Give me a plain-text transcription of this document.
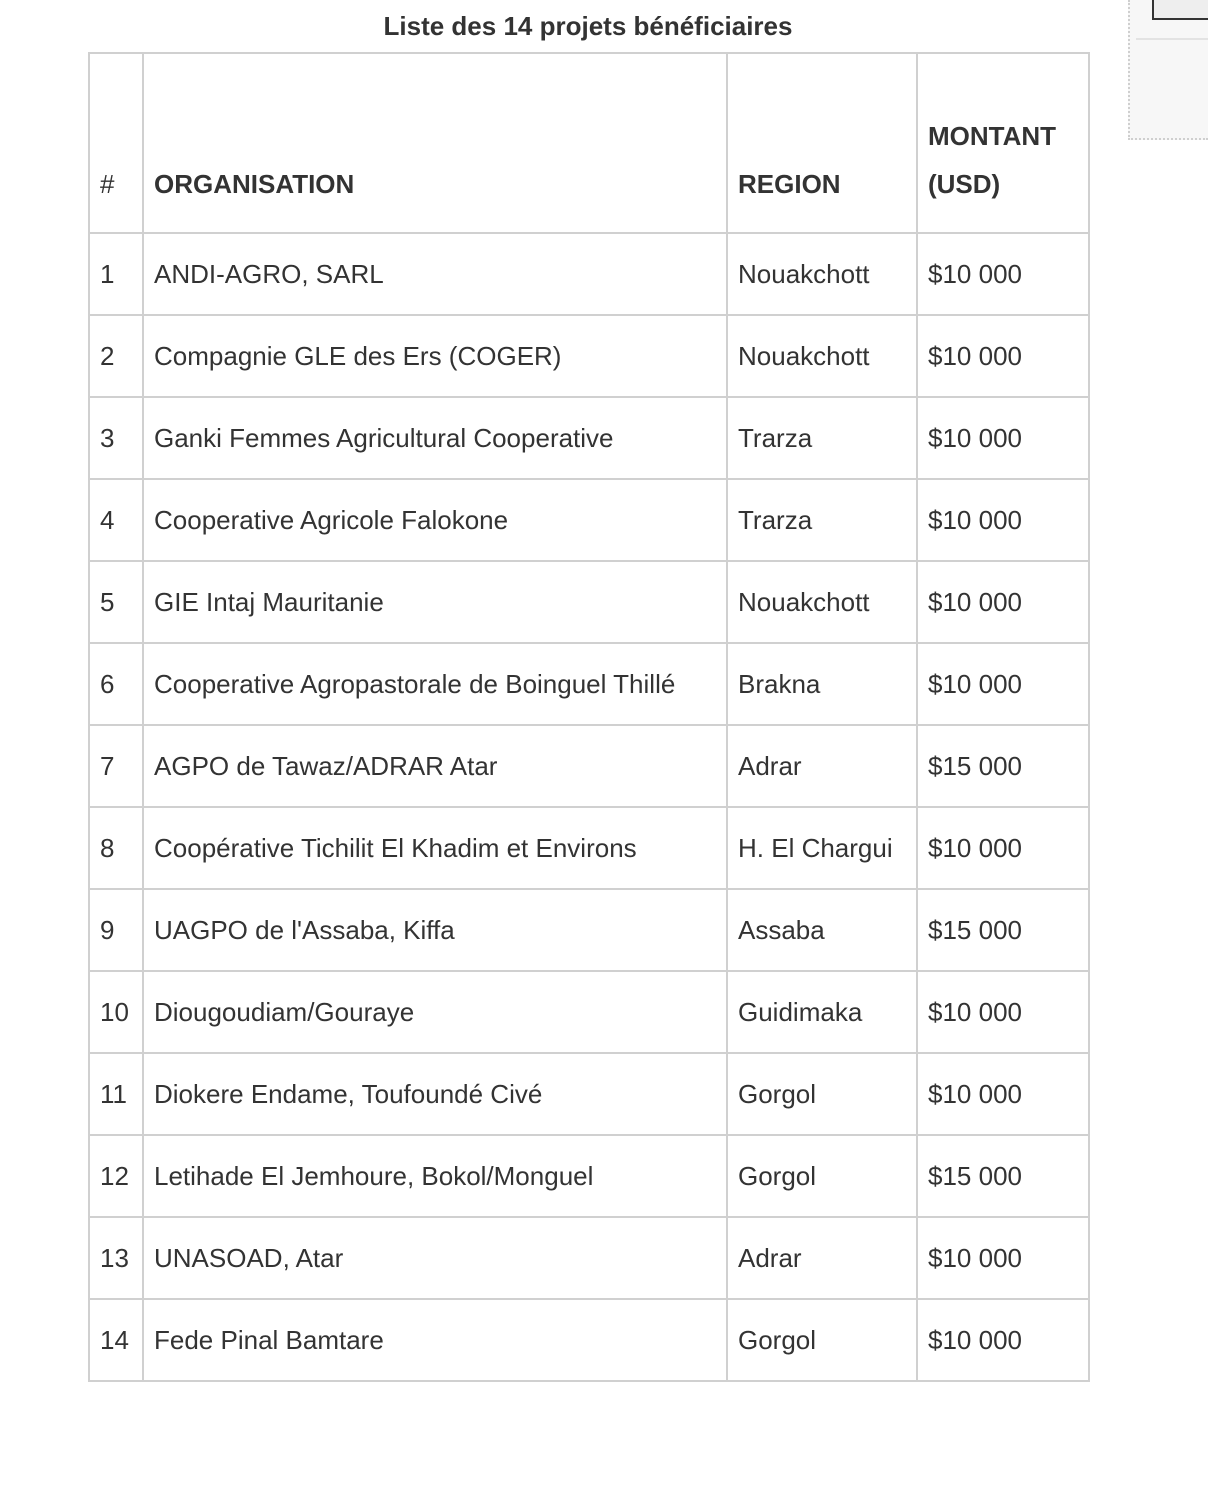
Liste des 14 projets bénéficiaires
#	ORGANISATION	REGION	MONTANT
(USD)

1	ANDI-AGRO, SARL	Nouakchott	$10 000
2	Compagnie GLE des Ers (COGER)	Nouakchott	$10 000
3	Ganki Femmes Agricultural Cooperative	Trarza	$10 000
4	Cooperative Agricole Falokone	Trarza	$10 000
5	GIE Intaj Mauritanie	Nouakchott	$10 000
6	Cooperative Agropastorale de Boinguel Thillé	Brakna	$10 000
7	AGPO de Tawaz/ADRAR Atar	Adrar	$15 000
8	Coopérative Tichilit El Khadim et Environs	H. El Chargui	$10 000
9	UAGPO de l'Assaba, Kiffa	Assaba	$15 000
10	Diougoudiam/Gouraye	Guidimaka	$10 000
11	Diokere Endame, Toufoundé Civé	Gorgol	$10 000
12	Letihade El Jemhoure, Bokol/Monguel	Gorgol	$15 000
13	UNASOAD, Atar	Adrar	$10 000
14	Fede Pinal Bamtare	Gorgol	$10 000
